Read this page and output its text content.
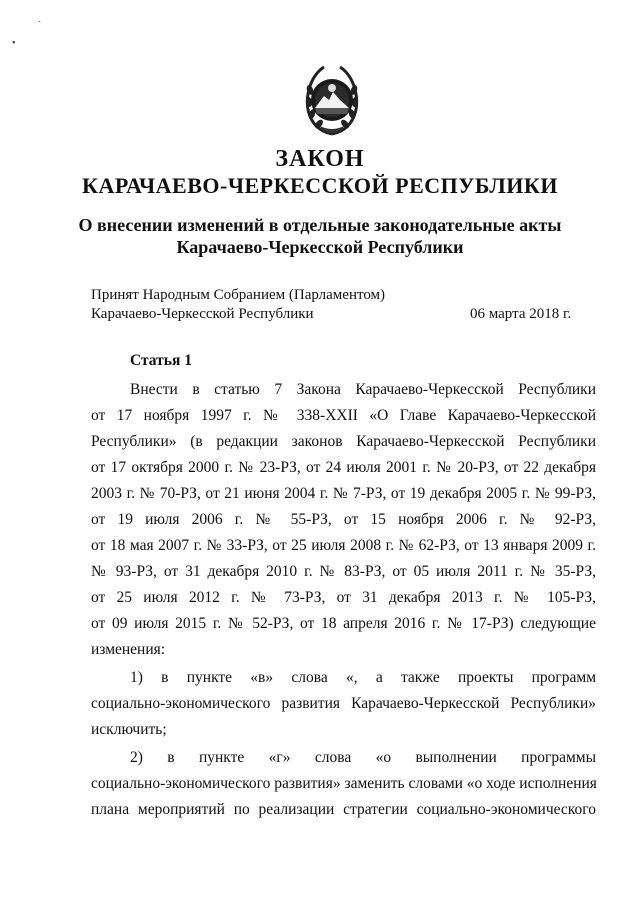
ˏ
•
ЗАКОН
КАРАЧАЕВО-ЧЕРКЕССКОЙ РЕСПУБЛИКИ

О внесении изменений в отдельные законодательные акты

Карачаево-Черкесской Республики

Принят Народным Собранием (Парламентом)

Карачаево-Черкесской Республики	06 марта 2018 г.

Статья 1

Внести в статью 7 Закона Карачаево-Черкесской Республики

от 17 ноября 1997 г. № 338-XXII «О Главе Карачаево-Черкесской

Республики» (в редакции законов Карачаево-Черкесской Республики

от 17 октября 2000 г. № 23-РЗ, от 24 июля 2001 г. № 20-РЗ, от 22 декабря

2003 г. № 70-РЗ, от 21 июня 2004 г. № 7-РЗ, от 19 декабря 2005 г. № 99-РЗ,

от 19 июля 2006 г. № 55-РЗ, от 15 ноября 2006 г. № 92-РЗ,

от 18 мая 2007 г. № 33-РЗ, от 25 июля 2008 г. № 62-РЗ, от 13 января 2009 г.

№ 93-РЗ, от 31 декабря 2010 г. № 83-РЗ, от 05 июля 2011 г. № 35-РЗ,

от 25 июля 2012 г. № 73-РЗ, от 31 декабря 2013 г. № 105-РЗ,

от 09 июля 2015 г. № 52-РЗ, от 18 апреля 2016 г. № 17-РЗ) следующие

изменения:

1) в пункте «в» слова «, а также проекты программ

социально-экономического развития Карачаево-Черкесской Республики»

исключить;

2) в пункте «г» слова «о выполнении программы

социально-экономического развития» заменить словами «о ходе исполнения

плана мероприятий по реализации стратегии социально-экономического
